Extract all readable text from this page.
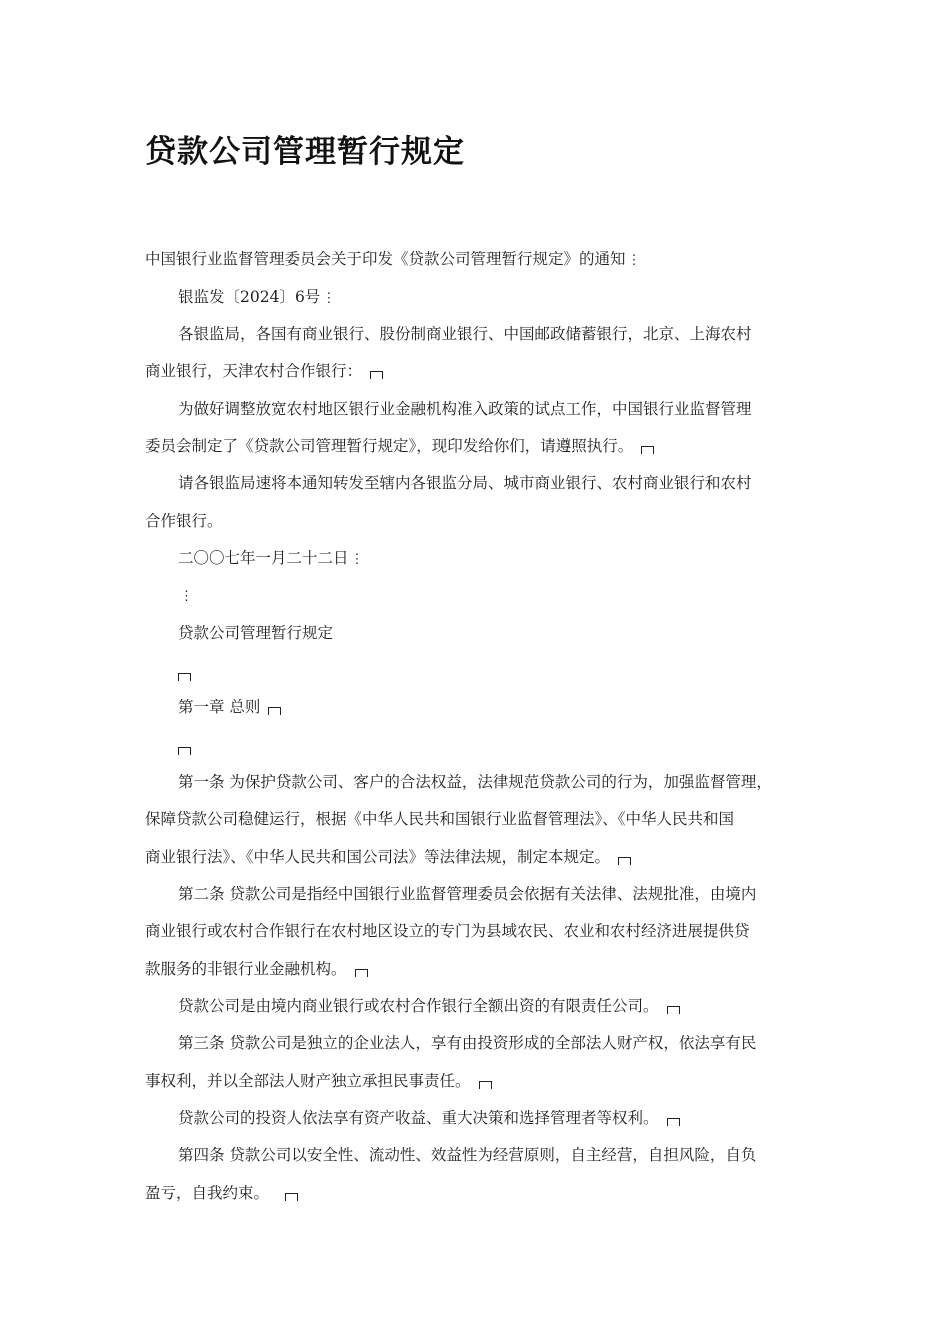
贷款公司管理暂行规定

中国银行业监督管理委员会关于印发《贷款公司管理暂行规定》的通知 ⋮

银监发〔2024〕6号 ⋮

各银监局，各国有商业银行、股份制商业银行、中国邮政储蓄银行，北京、上海农村

商业银行，天津农村合作银行：

为做好调整放宽农村地区银行业金融机构准入政策的试点工作，中国银行业监督管理

委员会制定了《贷款公司管理暂行规定》，现印发给你们，请遵照执行。

请各银监局速将本通知转发至辖内各银监分局、城市商业银行、农村商业银行和农村

合作银行。

二〇〇七年一月二十二日 ⋮

⋮

贷款公司管理暂行规定

第一章 总则

第一条 为保护贷款公司、客户的合法权益，法律规范贷款公司的行为，加强监督管理，

保障贷款公司稳健运行，根据《中华人民共和国银行业监督管理法》、《中华人民共和国

商业银行法》、《中华人民共和国公司法》等法律法规，制定本规定。

第二条 贷款公司是指经中国银行业监督管理委员会依据有关法律、法规批准，由境内

商业银行或农村合作银行在农村地区设立的专门为县域农民、农业和农村经济进展提供贷

款服务的非银行业金融机构。

贷款公司是由境内商业银行或农村合作银行全额出资的有限责任公司。

第三条 贷款公司是独立的企业法人，享有由投资形成的全部法人财产权，依法享有民

事权利，并以全部法人财产独立承担民事责任。

贷款公司的投资人依法享有资产收益、重大决策和选择管理者等权利。

第四条 贷款公司以安全性、流动性、效益性为经营原则，自主经营，自担风险，自负

盈亏，自我约束。
